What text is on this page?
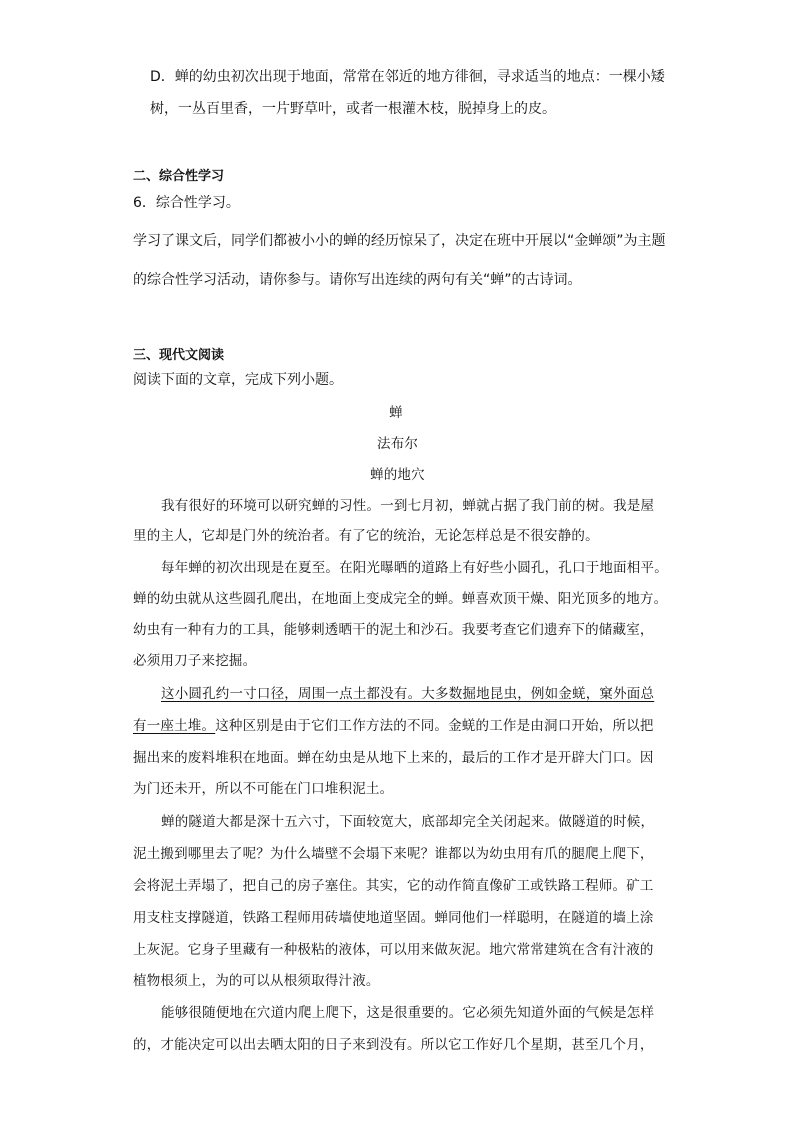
D．蝉的幼虫初次出现于地面，常常在邻近的地方徘徊，寻求适当的地点：一棵小矮
树，一丛百里香，一片野草叶，或者一根灌木枝，脱掉身上的皮。
二、综合性学习
6．综合性学习。
学习了课文后，同学们都被小小的蝉的经历惊呆了，决定在班中开展以“金蝉颂”为主题
的综合性学习活动，请你参与。请你写出连续的两句有关“蝉”的古诗词。
三、现代文阅读
阅读下面的文章，完成下列小题。
蝉
法布尔
蝉的地穴
我有很好的环境可以研究蝉的习性。一到七月初，蝉就占据了我门前的树。我是屋
里的主人，它却是门外的统治者。有了它的统治，无论怎样总是不很安静的。
每年蝉的初次出现是在夏至。在阳光曝晒的道路上有好些小圆孔，孔口于地面相平。
蝉的幼虫就从这些圆孔爬出，在地面上变成完全的蝉。蝉喜欢顶干燥、阳光顶多的地方。
幼虫有一种有力的工具，能够刺透晒干的泥土和沙石。我要考查它们遗弃下的储藏室，
必须用刀子来挖掘。
这小圆孔约一寸口径，周围一点土都没有。大多数掘地昆虫，例如金蜣，窠外面总
有一座土堆。这种区别是由于它们工作方法的不同。金蜣的工作是由洞口开始，所以把
掘出来的废料堆积在地面。蝉在幼虫是从地下上来的，最后的工作才是开辟大门口。因
为门还未开，所以不可能在门口堆积泥土。
蝉的隧道大都是深十五六寸，下面较宽大，底部却完全关闭起来。做隧道的时候，
泥土搬到哪里去了呢？为什么墙壁不会塌下来呢？谁都以为幼虫用有爪的腿爬上爬下，
会将泥土弄塌了，把自己的房子塞住。其实，它的动作简直像矿工或铁路工程师。矿工
用支柱支撑隧道，铁路工程师用砖墙使地道坚固。蝉同他们一样聪明，在隧道的墙上涂
上灰泥。它身子里藏有一种极粘的液体，可以用来做灰泥。地穴常常建筑在含有汁液的
植物根须上，为的可以从根须取得汁液。
能够很随便地在穴道内爬上爬下，这是很重要的。它必须先知道外面的气候是怎样
的，才能决定可以出去晒太阳的日子来到没有。所以它工作好几个星期，甚至几个月，
